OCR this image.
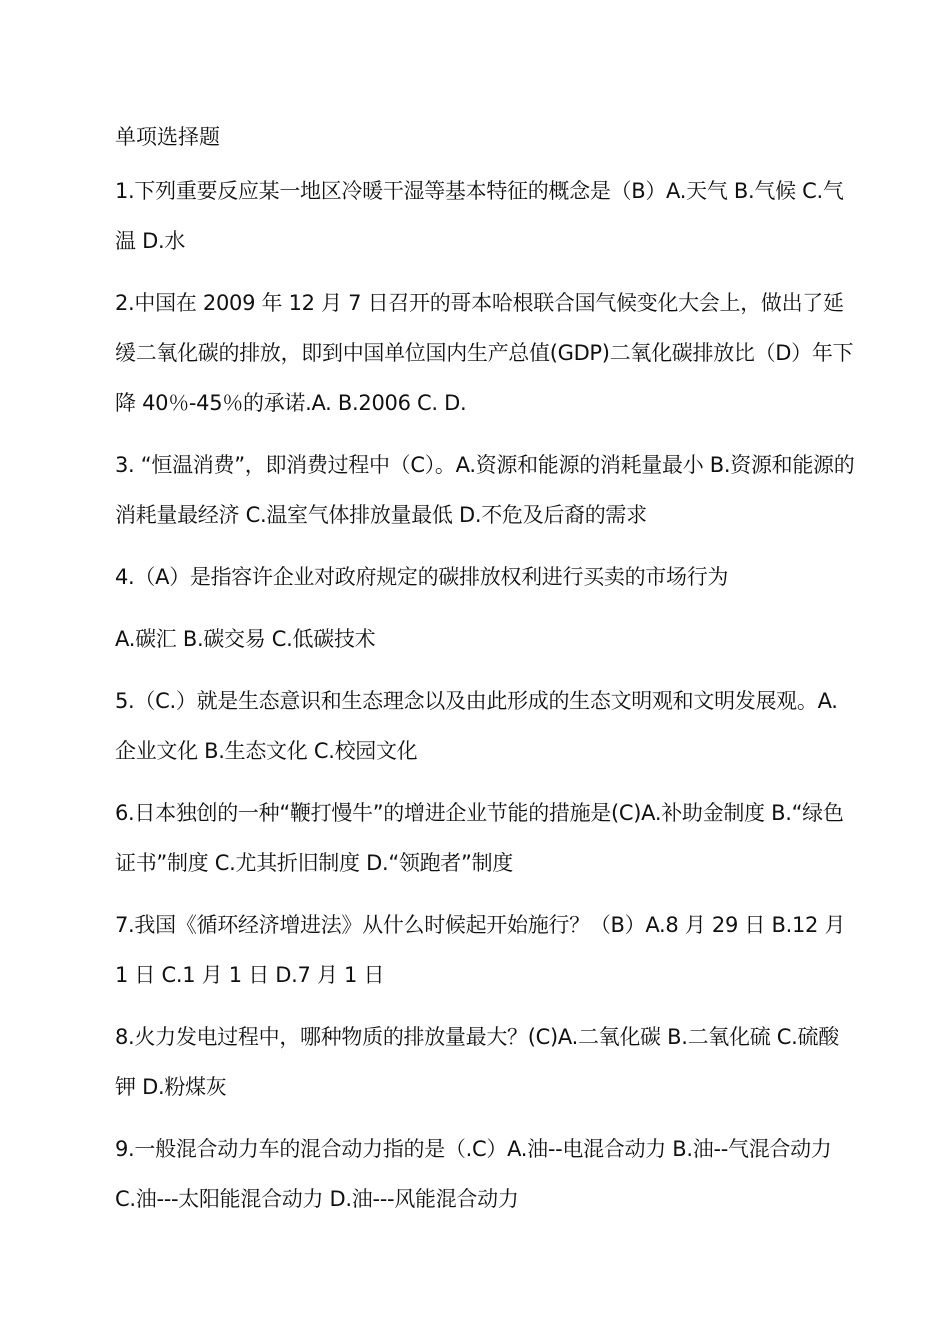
单项选择题
1.下列重要反应某一地区冷暖干湿等基本特征的概念是（B）A.天气 B.气候 C.气温 D.水
2.中国在 2009 年 12 月 7 日召开的哥本哈根联合国气候变化大会上，做出了延缓二氧化碳的排放，即到中国单位国内生产总值(GDP)二氧化碳排放比（D）年下降 40％-45％的承诺.A. B.2006 C. D.
3. “恒温消费”，即消费过程中（C）。A.资源和能源的消耗量最小 B.资源和能源的消耗量最经济 C.温室气体排放量最低 D.不危及后裔的需求
4.（A）是指容许企业对政府规定的碳排放权利进行买卖的市场行为
A.碳汇 B.碳交易 C.低碳技术
5.（C.）就是生态意识和生态理念以及由此形成的生态文明观和文明发展观。A.企业文化 B.生态文化 C.校园文化
6.日本独创的一种“鞭打慢牛”的增进企业节能的措施是(C)A.补助金制度 B.“绿色证书”制度 C.尤其折旧制度 D.“领跑者”制度
7.我国《循环经济增进法》从什么时候起开始施行？（B）A.8 月 29 日 B.12 月 1 日 C.1 月 1 日 D.7 月 1 日
8.火力发电过程中，哪种物质的排放量最大？(C)A.二氧化碳 B.二氧化硫 C.硫酸钾 D.粉煤灰
9.一般混合动力车的混合动力指的是（.C）A.油--电混合动力 B.油--气混合动力 C.油---太阳能混合动力 D.油---风能混合动力
